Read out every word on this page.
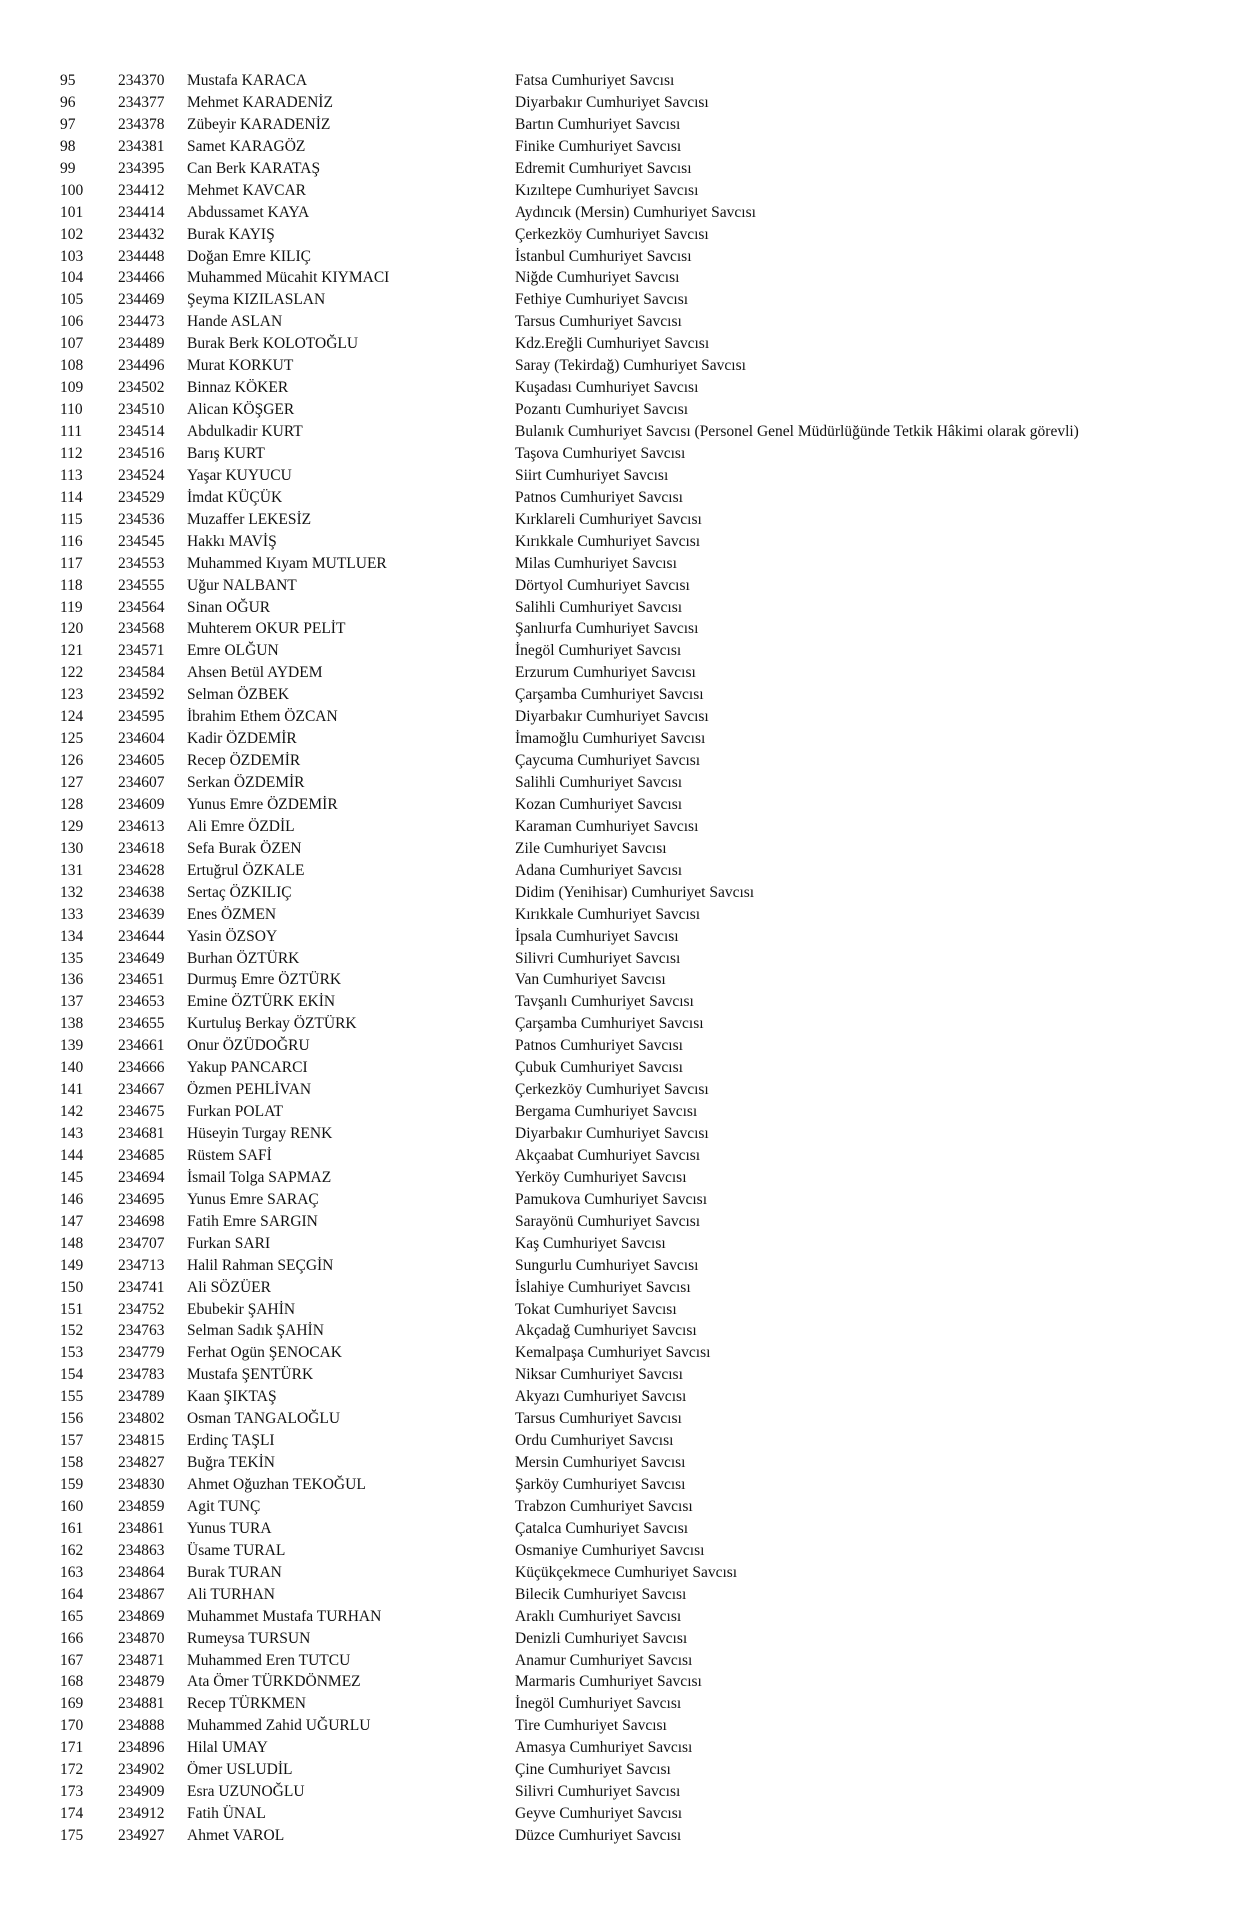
95	234370	Mustafa KARACA	Fatsa Cumhuriyet Savcısı
96	234377	Mehmet KARADENİZ	Diyarbakır Cumhuriyet Savcısı
97	234378	Zübeyir KARADENİZ	Bartın Cumhuriyet Savcısı
98	234381	Samet KARAGÖZ	Finike Cumhuriyet Savcısı
99	234395	Can Berk KARATAŞ	Edremit Cumhuriyet Savcısı
100	234412	Mehmet KAVCAR	Kızıltepe Cumhuriyet Savcısı
101	234414	Abdussamet KAYA	Aydıncık (Mersin) Cumhuriyet Savcısı
102	234432	Burak KAYIŞ	Çerkezköy Cumhuriyet Savcısı
103	234448	Doğan Emre KILIÇ	İstanbul Cumhuriyet Savcısı
104	234466	Muhammed Mücahit KIYMACI	Niğde Cumhuriyet Savcısı
105	234469	Şeyma KIZILASLAN	Fethiye Cumhuriyet Savcısı
106	234473	Hande ASLAN	Tarsus Cumhuriyet Savcısı
107	234489	Burak Berk KOLOTOĞLU	Kdz.Ereğli Cumhuriyet Savcısı
108	234496	Murat KORKUT	Saray (Tekirdağ) Cumhuriyet Savcısı
109	234502	Binnaz KÖKER	Kuşadası Cumhuriyet Savcısı
110	234510	Alican KÖŞGER	Pozantı Cumhuriyet Savcısı
111	234514	Abdulkadir KURT	Bulanık Cumhuriyet Savcısı (Personel Genel Müdürlüğünde Tetkik Hâkimi olarak görevli)
112	234516	Barış KURT	Taşova Cumhuriyet Savcısı
113	234524	Yaşar KUYUCU	Siirt Cumhuriyet Savcısı
114	234529	İmdat KÜÇÜK	Patnos Cumhuriyet Savcısı
115	234536	Muzaffer LEKESİZ	Kırklareli Cumhuriyet Savcısı
116	234545	Hakkı MAVİŞ	Kırıkkale Cumhuriyet Savcısı
117	234553	Muhammed Kıyam MUTLUER	Milas Cumhuriyet Savcısı
118	234555	Uğur NALBANT	Dörtyol Cumhuriyet Savcısı
119	234564	Sinan OĞUR	Salihli Cumhuriyet Savcısı
120	234568	Muhterem OKUR PELİT	Şanlıurfa Cumhuriyet Savcısı
121	234571	Emre OLĞUN	İnegöl Cumhuriyet Savcısı
122	234584	Ahsen Betül AYDEM	Erzurum Cumhuriyet Savcısı
123	234592	Selman ÖZBEK	Çarşamba Cumhuriyet Savcısı
124	234595	İbrahim Ethem ÖZCAN	Diyarbakır Cumhuriyet Savcısı
125	234604	Kadir ÖZDEMİR	İmamoğlu Cumhuriyet Savcısı
126	234605	Recep ÖZDEMİR	Çaycuma Cumhuriyet Savcısı
127	234607	Serkan ÖZDEMİR	Salihli Cumhuriyet Savcısı
128	234609	Yunus Emre ÖZDEMİR	Kozan Cumhuriyet Savcısı
129	234613	Ali Emre ÖZDİL	Karaman Cumhuriyet Savcısı
130	234618	Sefa Burak ÖZEN	Zile Cumhuriyet Savcısı
131	234628	Ertuğrul ÖZKALE	Adana Cumhuriyet Savcısı
132	234638	Sertaç ÖZKILIÇ	Didim (Yenihisar) Cumhuriyet Savcısı
133	234639	Enes ÖZMEN	Kırıkkale Cumhuriyet Savcısı
134	234644	Yasin ÖZSOY	İpsala Cumhuriyet Savcısı
135	234649	Burhan ÖZTÜRK	Silivri Cumhuriyet Savcısı
136	234651	Durmuş Emre ÖZTÜRK	Van Cumhuriyet Savcısı
137	234653	Emine ÖZTÜRK EKİN	Tavşanlı Cumhuriyet Savcısı
138	234655	Kurtuluş Berkay ÖZTÜRK	Çarşamba Cumhuriyet Savcısı
139	234661	Onur ÖZÜDOĞRU	Patnos Cumhuriyet Savcısı
140	234666	Yakup PANCARCI	Çubuk Cumhuriyet Savcısı
141	234667	Özmen PEHLİVAN	Çerkezköy Cumhuriyet Savcısı
142	234675	Furkan POLAT	Bergama Cumhuriyet Savcısı
143	234681	Hüseyin Turgay RENK	Diyarbakır Cumhuriyet Savcısı
144	234685	Rüstem SAFİ	Akçaabat Cumhuriyet Savcısı
145	234694	İsmail Tolga SAPMAZ	Yerköy Cumhuriyet Savcısı
146	234695	Yunus Emre SARAÇ	Pamukova Cumhuriyet Savcısı
147	234698	Fatih Emre SARGIN	Sarayönü Cumhuriyet Savcısı
148	234707	Furkan SARI	Kaş Cumhuriyet Savcısı
149	234713	Halil Rahman SEÇGİN	Sungurlu Cumhuriyet Savcısı
150	234741	Ali SÖZÜER	İslahiye Cumhuriyet Savcısı
151	234752	Ebubekir ŞAHİN	Tokat Cumhuriyet Savcısı
152	234763	Selman Sadık ŞAHİN	Akçadağ Cumhuriyet Savcısı
153	234779	Ferhat Ogün ŞENOCAK	Kemalpaşa Cumhuriyet Savcısı
154	234783	Mustafa ŞENTÜRK	Niksar Cumhuriyet Savcısı
155	234789	Kaan ŞIKTAŞ	Akyazı Cumhuriyet Savcısı
156	234802	Osman TANGALOĞLU	Tarsus Cumhuriyet Savcısı
157	234815	Erdinç TAŞLI	Ordu Cumhuriyet Savcısı
158	234827	Buğra TEKİN	Mersin Cumhuriyet Savcısı
159	234830	Ahmet Oğuzhan TEKOĞUL	Şarköy Cumhuriyet Savcısı
160	234859	Agit TUNÇ	Trabzon Cumhuriyet Savcısı
161	234861	Yunus TURA	Çatalca Cumhuriyet Savcısı
162	234863	Üsame TURAL	Osmaniye Cumhuriyet Savcısı
163	234864	Burak TURAN	Küçükçekmece Cumhuriyet Savcısı
164	234867	Ali TURHAN	Bilecik Cumhuriyet Savcısı
165	234869	Muhammet Mustafa TURHAN	Araklı Cumhuriyet Savcısı
166	234870	Rumeysa TURSUN	Denizli Cumhuriyet Savcısı
167	234871	Muhammed Eren TUTCU	Anamur Cumhuriyet Savcısı
168	234879	Ata Ömer TÜRKDÖNMEZ	Marmaris Cumhuriyet Savcısı
169	234881	Recep TÜRKMEN	İnegöl Cumhuriyet Savcısı
170	234888	Muhammed Zahid UĞURLU	Tire Cumhuriyet Savcısı
171	234896	Hilal UMAY	Amasya Cumhuriyet Savcısı
172	234902	Ömer USLUDİL	Çine Cumhuriyet Savcısı
173	234909	Esra UZUNOĞLU	Silivri Cumhuriyet Savcısı
174	234912	Fatih ÜNAL	Geyve Cumhuriyet Savcısı
175	234927	Ahmet VAROL	Düzce Cumhuriyet Savcısı
